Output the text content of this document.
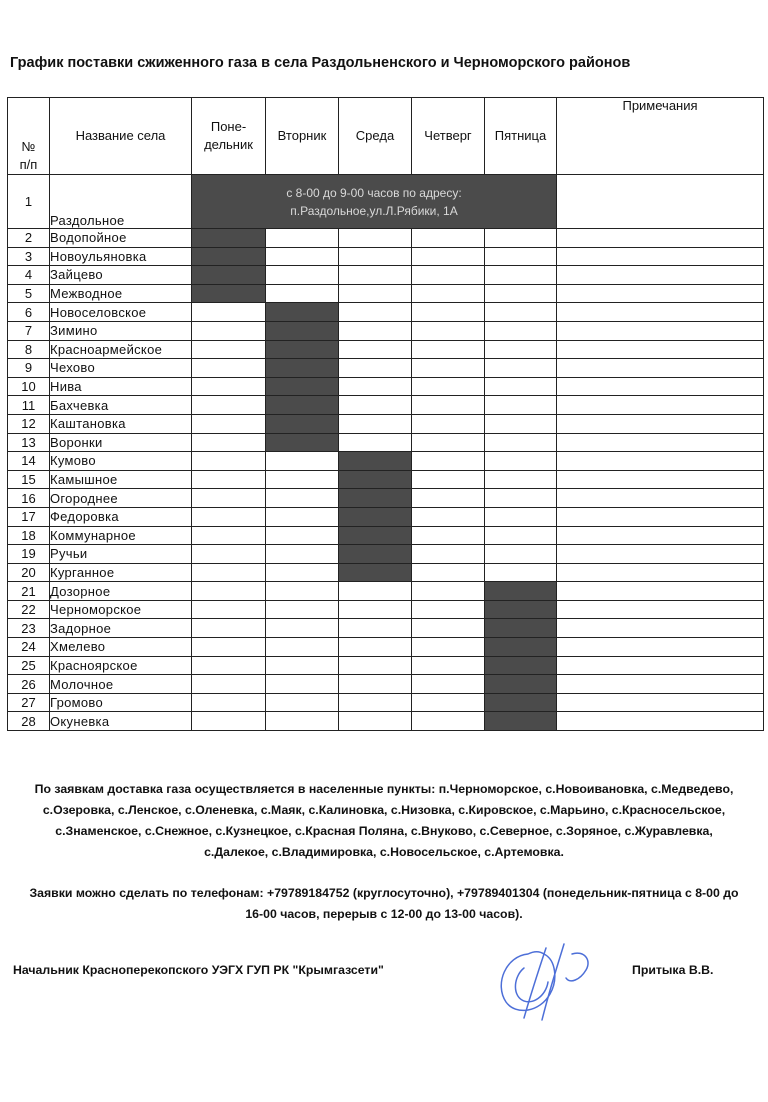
График поставки сжиженного газа в села Раздольненского и Черноморского районов
№
п/п	Название села	Поне-
дельник	Вторник	Среда	Четверг	Пятница	Примечания
1	Раздольное	с 8-00 до 9-00 часов по адресу:
п.Раздольное,ул.Л.Рябики, 1А					
2	Водопойное						
3	Новоульяновка						
4	Зайцево						
5	Межводное						
6	Новоселовское						
7	Зимино						
8	Красноармейское						
9	Чехово						
10	Нива						
11	Бахчевка						
12	Каштановка						
13	Воронки						
14	Кумово						
15	Камышное						
16	Огороднее						
17	Федоровка						
18	Коммунарное						
19	Ручьи						
20	Курганное						
21	Дозорное						
22	Черноморское						
23	Задорное						
24	Хмелево						
25	Красноярское						
26	Молочное						
27	Громово						
28	Окуневка						
По заявкам доставка газа осуществляется в населенные пункты: п.Черноморское, с.Новоивановка, с.Медведево,
с.Озеровка, с.Ленское, с.Оленевка, с.Маяк, с.Калиновка, с.Низовка, с.Кировское, с.Марьино, с.Красносельское,
с.Знаменское, с.Снежное, с.Кузнецкое, с.Красная Поляна, с.Внуково, с.Северное, с.Зоряное, с.Журавлевка,
с.Далекое, с.Владимировка, с.Новосельское, с.Артемовка.
Заявки можно сделать по телефонам: +79789184752 (круглосуточно), +79789401304 (понедельник-пятница с 8-00 до
16-00 часов, перерыв с 12-00 до 13-00 часов).
Начальник Красноперекопского УЭГХ ГУП РК "Крымгазсети"	Притыка В.В.
